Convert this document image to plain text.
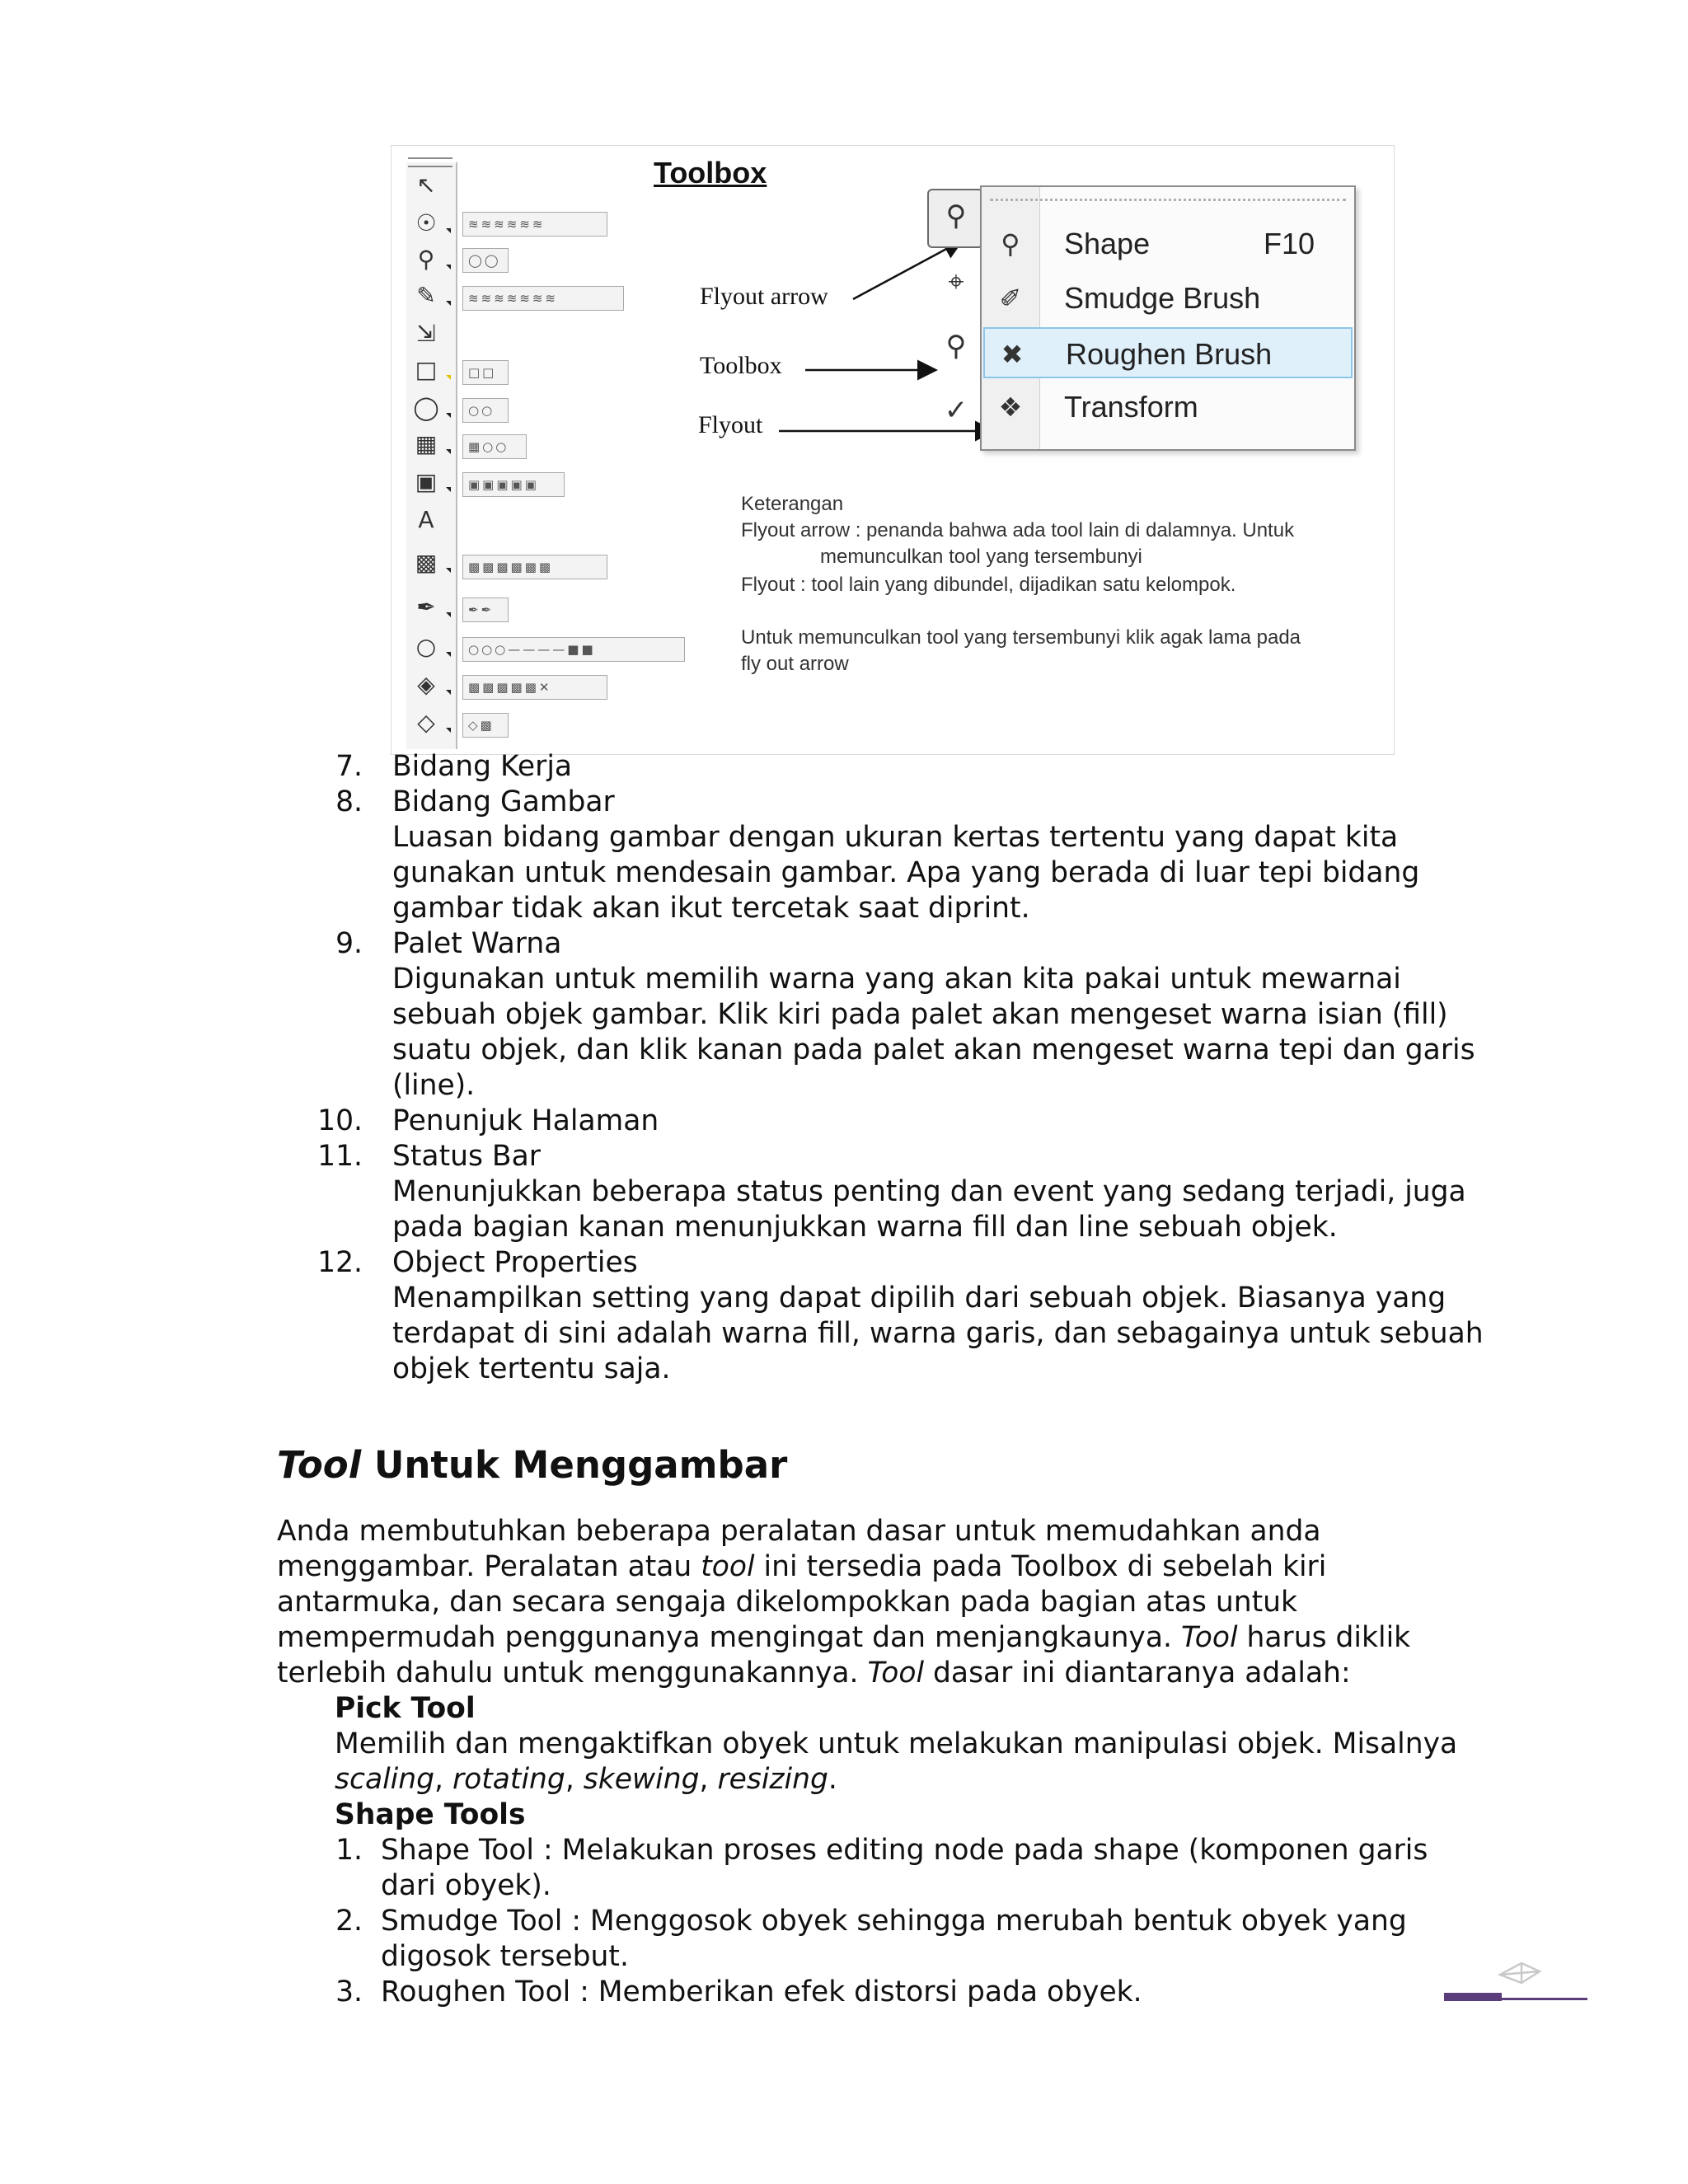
↖
☉
⚲
✎
⇲
□
◯
▦
▣
A
▩
✒
○
◈
◇
≋≋≋≋≋≋
◯◯
≋≋≋≋≋≋≋
□□
○○
▦○○
▣▣▣▣▣
▩▩▩▩▩▩
✒✒
○○○————■■
▩▩▩▩▩✕
◇▩
Toolbox
Flyout arrow
Toolbox
Flyout
⚲
⌖
⚲
✓
⚲	Shape	F10
✐ Smudge Brush
✖ Roughen Brush
❖ Transform
Keterangan
Flyout arrow : penanda bahwa ada tool lain di dalamnya. Untuk
memunculkan tool yang tersembunyi
Flyout : tool lain yang dibundel, dijadikan satu kelompok.
Untuk memunculkan tool yang tersembunyi klik agak lama pada
fly out arrow
7. Bidang Kerja
8. Bidang Gambar
Luasan bidang gambar dengan ukuran kertas tertentu yang dapat kita
gunakan untuk mendesain gambar. Apa yang berada di luar tepi bidang
gambar tidak akan ikut tercetak saat diprint.
9. Palet Warna
Digunakan untuk memilih warna yang akan kita pakai untuk mewarnai
sebuah objek gambar. Klik kiri pada palet akan mengeset warna isian (fill)
suatu objek, dan klik kanan pada palet akan mengeset warna tepi dan garis
(line).
10. Penunjuk Halaman
11. Status Bar
Menunjukkan beberapa status penting dan event yang sedang terjadi, juga
pada bagian kanan menunjukkan warna fill dan line sebuah objek.
12. Object Properties
Menampilkan setting yang dapat dipilih dari sebuah objek. Biasanya yang
terdapat di sini adalah warna fill, warna garis, dan sebagainya untuk sebuah
objek tertentu saja.
Tool Untuk Menggambar
Anda membutuhkan beberapa peralatan dasar untuk memudahkan anda
menggambar. Peralatan atau tool ini tersedia pada Toolbox di sebelah kiri
antarmuka, dan secara sengaja dikelompokkan pada bagian atas untuk
mempermudah penggunanya mengingat dan menjangkaunya. Tool harus diklik
terlebih dahulu untuk menggunakannya. Tool dasar ini diantaranya adalah:
Pick Tool
Memilih dan mengaktifkan obyek untuk melakukan manipulasi objek. Misalnya
scaling, rotating, skewing, resizing.
Shape Tools
1. Shape Tool : Melakukan proses editing node pada shape (komponen garis
dari obyek).
2. Smudge Tool : Menggosok obyek sehingga merubah bentuk obyek yang
digosok tersebut.
3. Roughen Tool : Memberikan efek distorsi pada obyek.
